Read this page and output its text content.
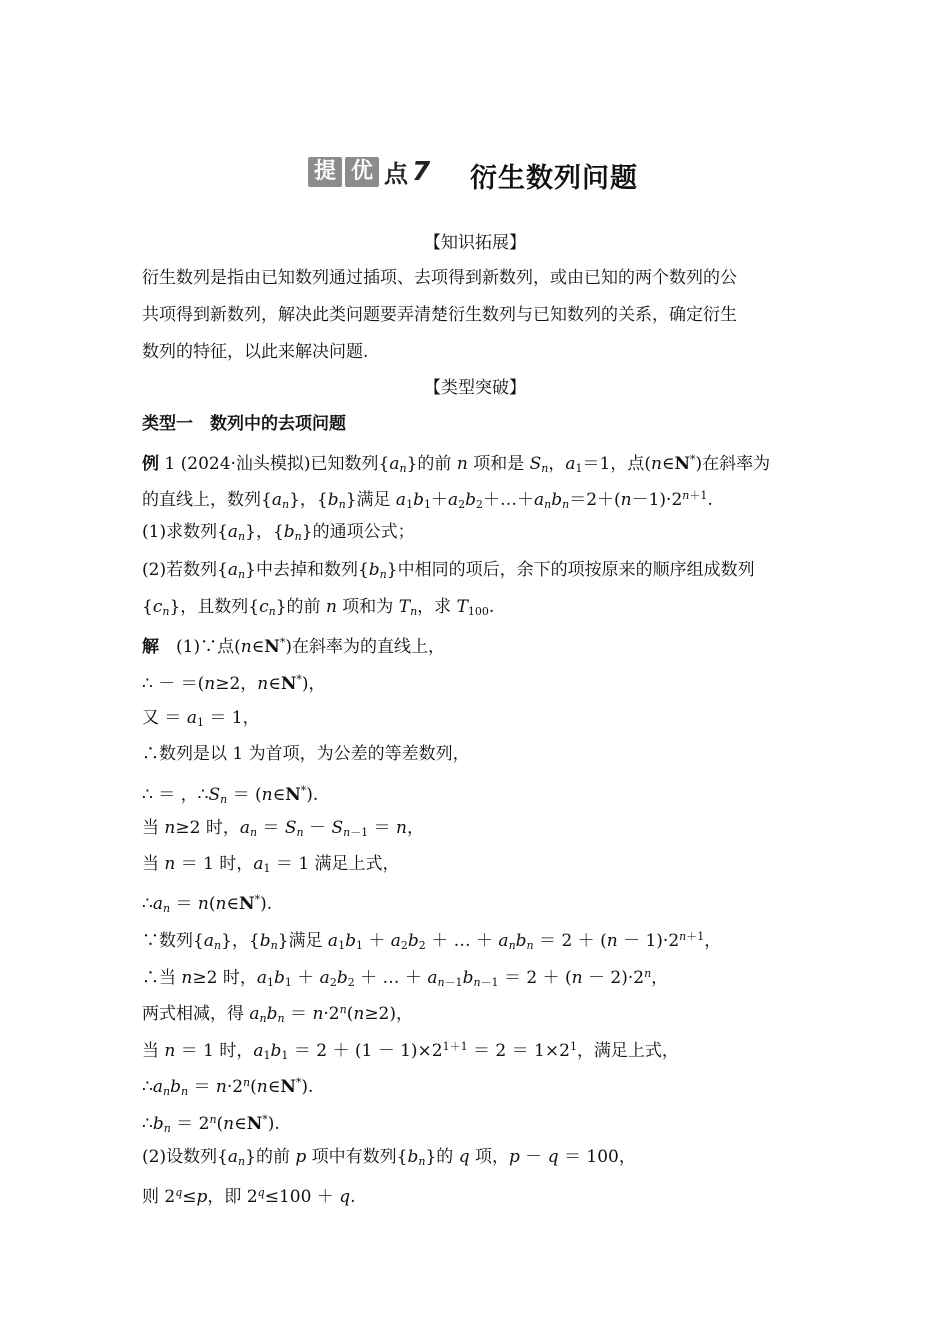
提 优 点 7 衍生数列问题
【知识拓展】
衍生数列是指由已知数列通过插项、去项得到新数列，或由已知的两个数列的公
共项得到新数列，解决此类问题要弄清楚衍生数列与已知数列的关系，确定衍生
数列的特征，以此来解决问题.
【类型突破】
类型一　数列中的去项问题
例 1 (2024·汕头模拟)已知数列$\{a_n\}$的前 n 项和是 $S_n$，$a_1=1$，点(n∈N*)在斜率为
的直线上，数列$\{a_n\}$，$\{b_n\}$满足 $a_1b_1+a_2b_2+\dots+a_nb_n=2+(n-1)\cdot 2^{n+1}$.
(1)求数列$\{a_n\}$，$\{b_n\}$的通项公式；
(2)若数列$\{a_n\}$中去掉和数列$\{b_n\}$中相同的项后，余下的项按原来的顺序组成数列
$\{c_n\}$，且数列$\{c_n\}$的前 n 项和为 $T_n$，求 $T_{100}$.
解　(1)∵点(n∈N*)在斜率为的直线上，
∴ － ＝(n≥2，n∈N*)，
又 ＝ $a_1 = 1$，
∴数列是以 1 为首项，为公差的等差数列，
∴ ＝ ，$\therefore S_n$ ＝ (n∈N*).
当 n≥2 时，$a_n = S_n - S_{n-1} = n$，
当 n ＝ 1 时，$a_1 = 1$ 满足上式，
$\therefore a_n$ ＝ n(n∈N*).
∵数列$\{a_n\}$，$\{b_n\}$满足 $a_1b_1 + a_2b_2$ ＋ … ＋ $a_nb_n = 2 + (n - 1)\cdot 2^{n+1}$，
∴当 n≥2 时，$a_1b_1 + a_2b_2$ ＋ … ＋ $a_{n-1}b_{n-1} = 2 + (n - 2)\cdot 2^n$，
两式相减，得 $a_nb_n = n\cdot 2^n(n\ge 2)$，
当 n ＝ 1 时，$a_1b_1 = 2 + (1 - 1)\times 2^{1+1} = 2 = 1\times 2^1$，满足上式，
$\therefore a_nb_n$ ＝ $n\cdot 2^n(n\in N^*)$.
$\therefore b_n$ ＝ $2^n(n\in N^*)$.
(2)设数列$\{a_n\}$的前 p 项中有数列$\{b_n\}$的 q 项，p － q ＝ 100，
则 $2^q\le p$，即 $2^q\le 100 + q$.
